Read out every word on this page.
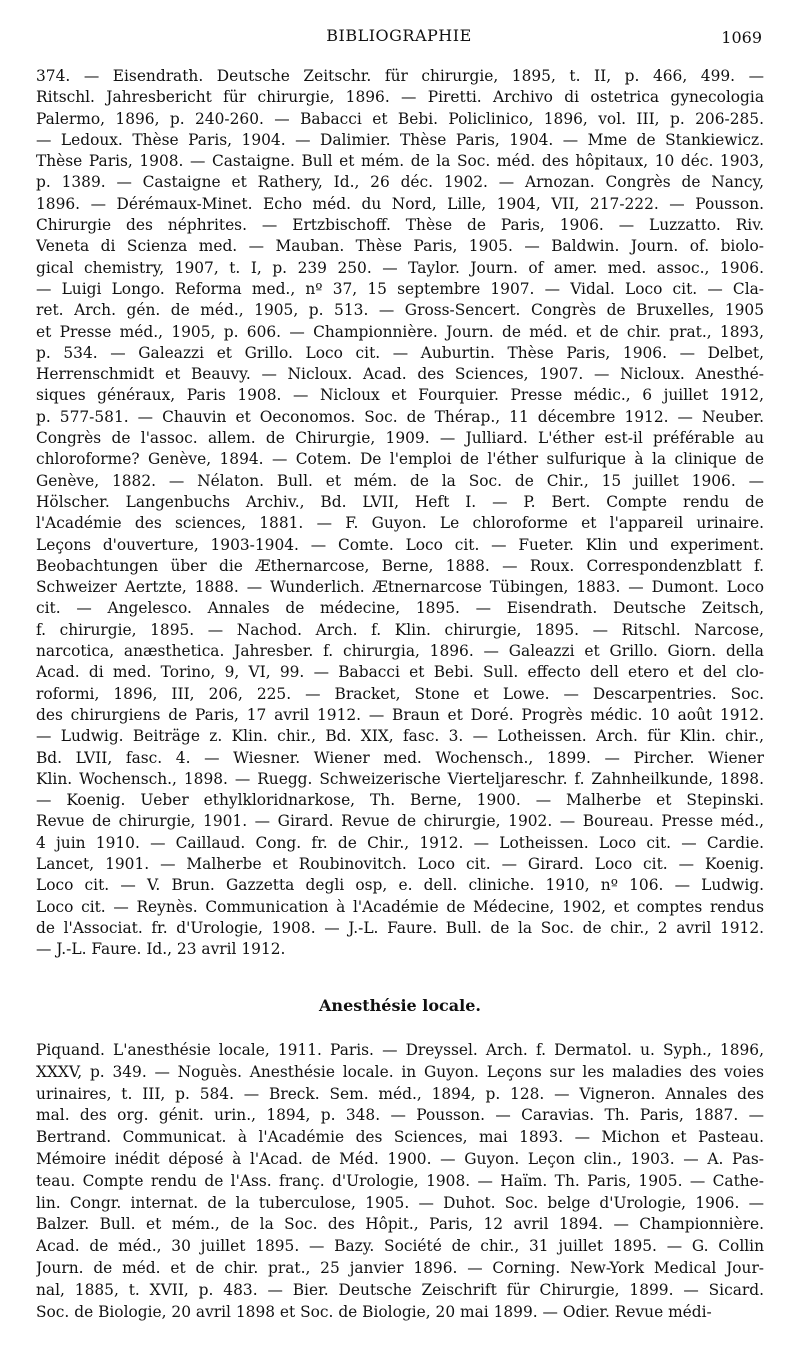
BIBLIOGRAPHIE	1069
374. — Eisendrath. Deutsche Zeitschr. für chirurgie, 1895, t. II, p. 466, 499. —
Ritschl. Jahresbericht für chirurgie, 1896. — Piretti. Archivo di ostetrica gynecologia
Palermo, 1896, p. 240-260. — Babacci et Bebi. Policlinico, 1896, vol. III, p. 206-285.
— Ledoux. Thèse Paris, 1904. — Dalimier. Thèse Paris, 1904. — Mme de Stankiewicz.
Thèse Paris, 1908. — Castaigne. Bull et mém. de la Soc. méd. des hôpitaux, 10 déc. 1903,
p. 1389. — Castaigne et Rathery, Id., 26 déc. 1902. — Arnozan. Congrès de Nancy,
1896. — Dérémaux-Minet. Echo méd. du Nord, Lille, 1904, VII, 217-222. — Pousson.
Chirurgie des néphrites. — Ertzbischoff. Thèse de Paris, 1906. — Luzzatto. Riv.
Veneta di Scienza med. — Mauban. Thèse Paris, 1905. — Baldwin. Journ. of. biolo-
gical chemistry, 1907, t. I, p. 239 250. — Taylor. Journ. of amer. med. assoc., 1906.
— Luigi Longo. Reforma med., nº 37, 15 septembre 1907. — Vidal. Loco cit. — Cla-
ret. Arch. gén. de méd., 1905, p. 513. — Gross-Sencert. Congrès de Bruxelles, 1905
et Presse méd., 1905, p. 606. — Championnière. Journ. de méd. et de chir. prat., 1893,
p. 534. — Galeazzi et Grillo. Loco cit. — Auburtin. Thèse Paris, 1906. — Delbet,
Herrenschmidt et Beauvy. — Nicloux. Acad. des Sciences, 1907. — Nicloux. Anesthé-
siques généraux, Paris 1908. — Nicloux et Fourquier. Presse médic., 6 juillet 1912,
p. 577-581. — Chauvin et Oeconomos. Soc. de Thérap., 11 décembre 1912. — Neuber.
Congrès de l'assoc. allem. de Chirurgie, 1909. — Julliard. L'éther est-il préférable au
chloroforme? Genève, 1894. — Cotem. De l'emploi de l'éther sulfurique à la clinique de
Genève, 1882. — Nélaton. Bull. et mém. de la Soc. de Chir., 15 juillet 1906. —
Hölscher. Langenbuchs Archiv., Bd. LVII, Heft I. — P. Bert. Compte rendu de
l'Académie des sciences, 1881. — F. Guyon. Le chloroforme et l'appareil urinaire.
Leçons d'ouverture, 1903-1904. — Comte. Loco cit. — Fueter. Klin und experiment.
Beobachtungen über die Æthernarcose, Berne, 1888. — Roux. Correspondenzblatt f.
Schweizer Aertzte, 1888. — Wunderlich. Ætnernarcose Tübingen, 1883. — Dumont. Loco
cit. — Angelesco. Annales de médecine, 1895. — Eisendrath. Deutsche Zeitsch,
f. chirurgie, 1895. — Nachod. Arch. f. Klin. chirurgie, 1895. — Ritschl. Narcose,
narcotica, anæsthetica. Jahresber. f. chirurgia, 1896. — Galeazzi et Grillo. Giorn. della
Acad. di med. Torino, 9, VI, 99. — Babacci et Bebi. Sull. effecto dell etero et del clo-
roformi, 1896, III, 206, 225. — Bracket, Stone et Lowe. — Descarpentries. Soc.
des chirurgiens de Paris, 17 avril 1912. — Braun et Doré. Progrès médic. 10 août 1912.
— Ludwig. Beiträge z. Klin. chir., Bd. XIX, fasc. 3. — Lotheissen. Arch. für Klin. chir.,
Bd. LVII, fasc. 4. — Wiesner. Wiener med. Wochensch., 1899. — Pircher. Wiener
Klin. Wochensch., 1898. — Ruegg. Schweizerische Vierteljareschr. f. Zahnheilkunde, 1898.
— Koenig. Ueber ethylkloridnarkose, Th. Berne, 1900. — Malherbe et Stepinski.
Revue de chirurgie, 1901. — Girard. Revue de chirurgie, 1902. — Boureau. Presse méd.,
4 juin 1910. — Caillaud. Cong. fr. de Chir., 1912. — Lotheissen. Loco cit. — Cardie.
Lancet, 1901. — Malherbe et Roubinovitch. Loco cit. — Girard. Loco cit. — Koenig.
Loco cit. — V. Brun. Gazzetta degli osp, e. dell. cliniche. 1910, nº 106. — Ludwig.
Loco cit. — Reynès. Communication à l'Académie de Médecine, 1902, et comptes rendus
de l'Associat. fr. d'Urologie, 1908. — J.-L. Faure. Bull. de la Soc. de chir., 2 avril 1912.
— J.-L. Faure. Id., 23 avril 1912.
Anesthésie locale.
Piquand. L'anesthésie locale, 1911. Paris. — Dreyssel. Arch. f. Dermatol. u. Syph., 1896,
XXXV, p. 349. — Noguès. Anesthésie locale. in Guyon. Leçons sur les maladies des voies
urinaires, t. III, p. 584. — Breck. Sem. méd., 1894, p. 128. — Vigneron. Annales des
mal. des org. génit. urin., 1894, p. 348. — Pousson. — Caravias. Th. Paris, 1887. —
Bertrand. Communicat. à l'Académie des Sciences, mai 1893. — Michon et Pasteau.
Mémoire inédit déposé à l'Acad. de Méd. 1900. — Guyon. Leçon clin., 1903. — A. Pas-
teau. Compte rendu de l'Ass. franç. d'Urologie, 1908. — Haïm. Th. Paris, 1905. — Cathe-
lin. Congr. internat. de la tuberculose, 1905. — Duhot. Soc. belge d'Urologie, 1906. —
Balzer. Bull. et mém., de la Soc. des Hôpit., Paris, 12 avril 1894. — Championnière.
Acad. de méd., 30 juillet 1895. — Bazy. Société de chir., 31 juillet 1895. — G. Collin
Journ. de méd. et de chir. prat., 25 janvier 1896. — Corning. New-York Medical Jour-
nal, 1885, t. XVII, p. 483. — Bier. Deutsche Zeischrift für Chirurgie, 1899. — Sicard.
Soc. de Biologie, 20 avril 1898 et Soc. de Biologie, 20 mai 1899. — Odier. Revue médi-
